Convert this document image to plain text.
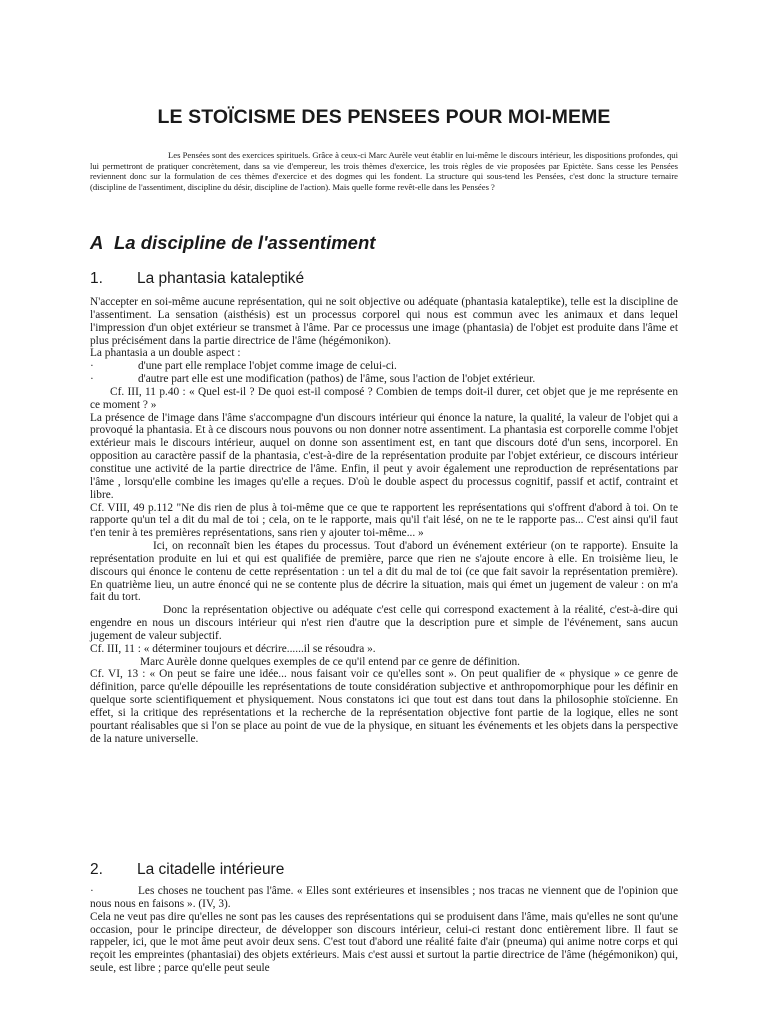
LE STOÏCISME DES PENSEES POUR MOI-MEME

Les Pensées sont des exercices spirituels. Grâce à ceux-ci Marc Aurèle veut établir en lui-même le discours intérieur, les dispositions profondes, qui lui permettront de pratiquer concrètement, dans sa vie d'empereur, les trois thèmes d'exercice, les trois règles de vie proposées par Epictète. Sans cesse les Pensées reviennent donc sur la formulation de ces thèmes d'exercice et des dogmes qui les fondent. La structure qui sous-tend les Pensées, c'est donc la structure ternaire (discipline de l'assentiment, discipline du désir, discipline de l'action). Mais quelle forme revêt-elle dans les Pensées ?

A La discipline de l'assentiment
1. La phantasia kataleptiké

N'accepter en soi-même aucune représentation, qui ne soit objective ou adéquate (phantasia kataleptike), telle est la discipline de l'assentiment. La sensation (aisthésis) est un processus corporel qui nous est commun avec les animaux et dans lequel l'impression d'un objet extérieur se transmet à l'âme. Par ce processus une image (phantasia) de l'objet est produite dans l'âme et plus précisément dans la partie directrice de l'âme (hégémonikon).

La phantasia a un double aspect :

·	d'une part elle remplace l'objet comme image de celui-ci.

·	d'autre part elle est une modification (pathos) de l'âme, sous l'action de l'objet extérieur.

Cf. III, 11 p.40 : « Quel est-il ? De quoi est-il composé ? Combien de temps doit-il durer, cet objet que je me représente en ce moment ? »

La présence de l'image dans l'âme s'accompagne d'un discours intérieur qui énonce la nature, la qualité, la valeur de l'objet qui a provoqué la phantasia. Et à ce discours nous pouvons ou non donner notre assentiment. La phantasia est corporelle comme l'objet extérieur mais le discours intérieur, auquel on donne son assentiment est, en tant que discours doté d'un sens, incorporel. En opposition au caractère passif de la phantasia, c'est-à-dire de la représentation produite par l'objet extérieur, ce discours intérieur constitue une activité de la partie directrice de l'âme. Enfin, il peut y avoir également une reproduction de représentations par l'âme , lorsqu'elle combine les images qu'elle a reçues. D'où le double aspect du processus cognitif, passif et actif, contraint et libre.

Cf. VIII, 49 p.112 "Ne dis rien de plus à toi-même que ce que te rapportent les représentations qui s'offrent d'abord à toi. On te rapporte qu'un tel a dit du mal de toi ; cela, on te le rapporte, mais qu'il t'ait lésé, on ne te le rapporte pas... C'est ainsi qu'il faut t'en tenir à tes premières représentations, sans rien y ajouter toi-même... »

Ici, on reconnaît bien les étapes du processus. Tout d'abord un événement extérieur (on te rapporte). Ensuite la représentation produite en lui et qui est qualifiée de première, parce que rien ne s'ajoute encore à elle. En troisième lieu, le discours qui énonce le contenu de cette représentation : un tel a dit du mal de toi (ce que fait savoir la représentation première). En quatrième lieu, un autre énoncé qui ne se contente plus de décrire la situation, mais qui émet un jugement de valeur : on m'a fait du tort.

Donc la représentation objective ou adéquate c'est celle qui correspond exactement à la réalité, c'est-à-dire qui engendre en nous un discours intérieur qui n'est rien d'autre que la description pure et simple de l'événement, sans aucun jugement de valeur subjectif.

Cf. III, 11 : « déterminer toujours et décrire......il se résoudra ».

Marc Aurèle donne quelques exemples de ce qu'il entend par ce genre de définition.

Cf. VI, 13 : « On peut se faire une idée... nous faisant voir ce qu'elles sont ». On peut qualifier de « physique » ce genre de définition, parce qu'elle dépouille les représentations de toute considération subjective et anthropomorphique pour les définir en quelque sorte scientifiquement et physiquement. Nous constatons ici que tout est dans tout dans la philosophie stoïcienne. En effet, si la critique des représentations et la recherche de la représentation objective font partie de la logique, elles ne sont pourtant réalisables que si l'on se place au point de vue de la physique, en situant les événements et les objets dans la perspective de la nature universelle.

2. La citadelle intérieure

·	Les choses ne touchent pas l'âme. « Elles sont extérieures et insensibles ; nos tracas ne viennent que de l'opinion que nous nous en faisons ». (IV, 3).

Cela ne veut pas dire qu'elles ne sont pas les causes des représentations qui se produisent dans l'âme, mais qu'elles ne sont qu'une occasion, pour le principe directeur, de développer son discours intérieur, celui-ci restant donc entièrement libre. Il faut se rappeler, ici, que le mot âme peut avoir deux sens. C'est tout d'abord une réalité faite d'air (pneuma) qui anime notre corps et qui reçoit les empreintes (phantasiai) des objets extérieurs. Mais c'est aussi et surtout la partie directrice de l'âme (hégémonikon) qui, seule, est libre ; parce qu'elle peut seule
